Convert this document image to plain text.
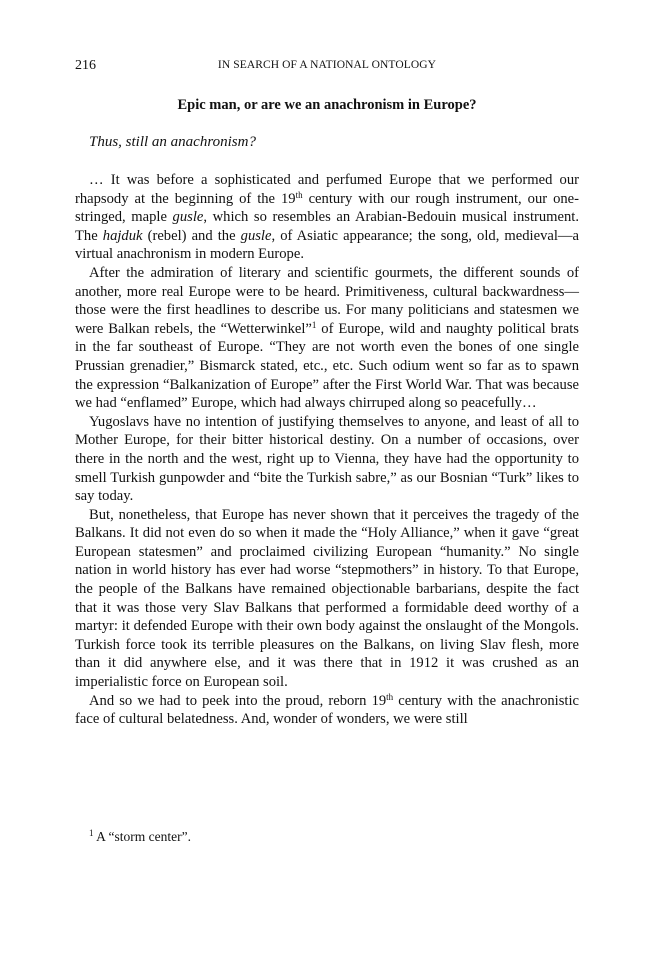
216	IN SEARCH OF A NATIONAL ONTOLOGY
Epic man, or are we an anachronism in Europe?
Thus, still an anachronism?

… It was before a sophisticated and perfumed Europe that we performed our rhapsody at the beginning of the 19th century with our rough instrument, our one-stringed, maple gusle, which so resembles an Arabian-Bedouin musical instrument. The hajduk (rebel) and the gusle, of Asiatic appearance; the song, old, medieval—a virtual anachronism in modern Europe.

After the admiration of literary and scientific gourmets, the different sounds of another, more real Europe were to be heard. Primitiveness, cultural backwardness—those were the first headlines to describe us. For many politicians and statesmen we were Balkan rebels, the “Wetterwinkel”$^1$ of Europe, wild and naughty political brats in the far southeast of Europe. “They are not worth even the bones of one single Prussian grenadier,” Bismarck stated, etc., etc. Such odium went so far as to spawn the expression “Balkanization of Europe” after the First World War. That was because we had “enflamed” Europe, which had always chirruped along so peacefully…

Yugoslavs have no intention of justifying themselves to anyone, and least of all to Mother Europe, for their bitter historical destiny. On a number of occasions, over there in the north and the west, right up to Vienna, they have had the opportunity to smell Turkish gunpowder and “bite the Turkish sabre,” as our Bosnian “Turk” likes to say today.

But, nonetheless, that Europe has never shown that it perceives the tragedy of the Balkans. It did not even do so when it made the “Holy Alliance,” when it gave “great European statesmen” and proclaimed civilizing European “humanity.” No single nation in world history has ever had worse “stepmothers” in history. To that Europe, the people of the Balkans have remained objectionable barbarians, despite the fact that it was those very Slav Balkans that performed a formidable deed worthy of a martyr: it defended Europe with their own body against the onslaught of the Mongols. Turkish force took its terrible pleasures on the Balkans, on living Slav flesh, more than it did anywhere else, and it was there that in 1912 it was crushed as an imperialistic force on European soil.

And so we had to peek into the proud, reborn 19th century with the anachronistic face of cultural belatedness. And, wonder of wonders, we were still

$^1$ A “storm center”.
